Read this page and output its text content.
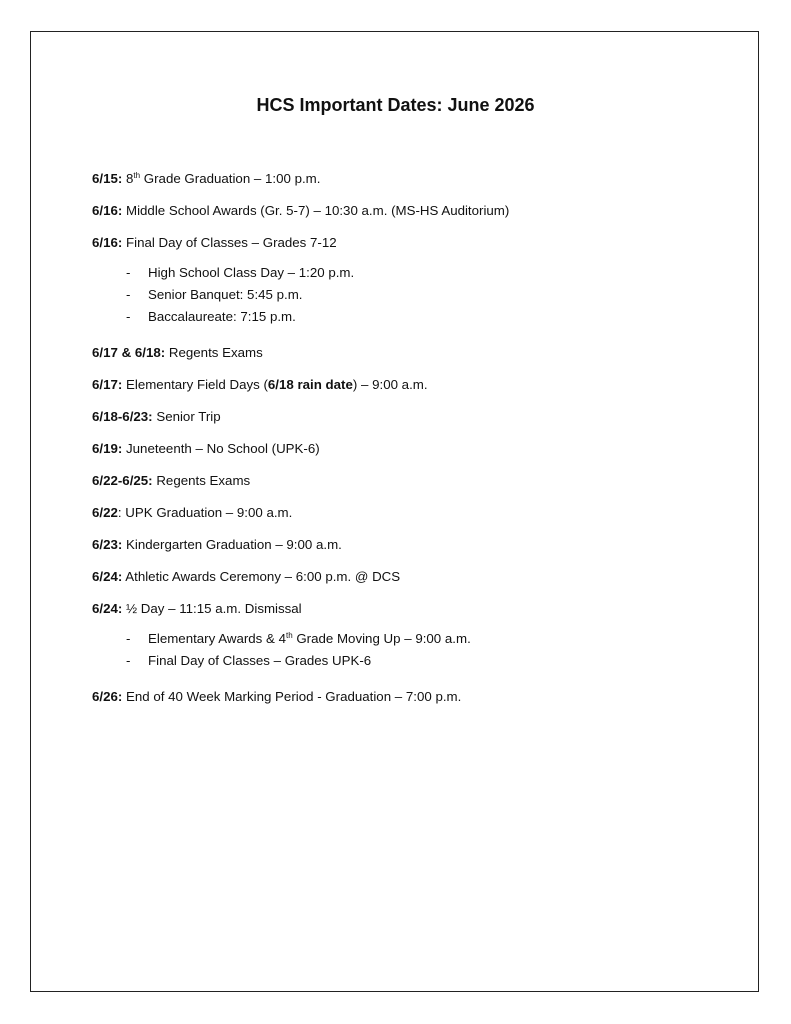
HCS Important Dates: June 2026
6/15: 8th Grade Graduation – 1:00 p.m.
6/16: Middle School Awards (Gr. 5-7) – 10:30 a.m. (MS-HS Auditorium)
6/16: Final Day of Classes – Grades 7-12
- High School Class Day – 1:20 p.m.
- Senior Banquet: 5:45 p.m.
- Baccalaureate: 7:15 p.m.
6/17 & 6/18: Regents Exams
6/17: Elementary Field Days (6/18 rain date) – 9:00 a.m.
6/18-6/23: Senior Trip
6/19: Juneteenth – No School (UPK-6)
6/22-6/25: Regents Exams
6/22: UPK Graduation – 9:00 a.m.
6/23: Kindergarten Graduation – 9:00 a.m.
6/24: Athletic Awards Ceremony – 6:00 p.m. @ DCS
6/24: ½ Day – 11:15 a.m. Dismissal
- Elementary Awards & 4th Grade Moving Up – 9:00 a.m.
- Final Day of Classes – Grades UPK-6
6/26: End of 40 Week Marking Period - Graduation – 7:00 p.m.
